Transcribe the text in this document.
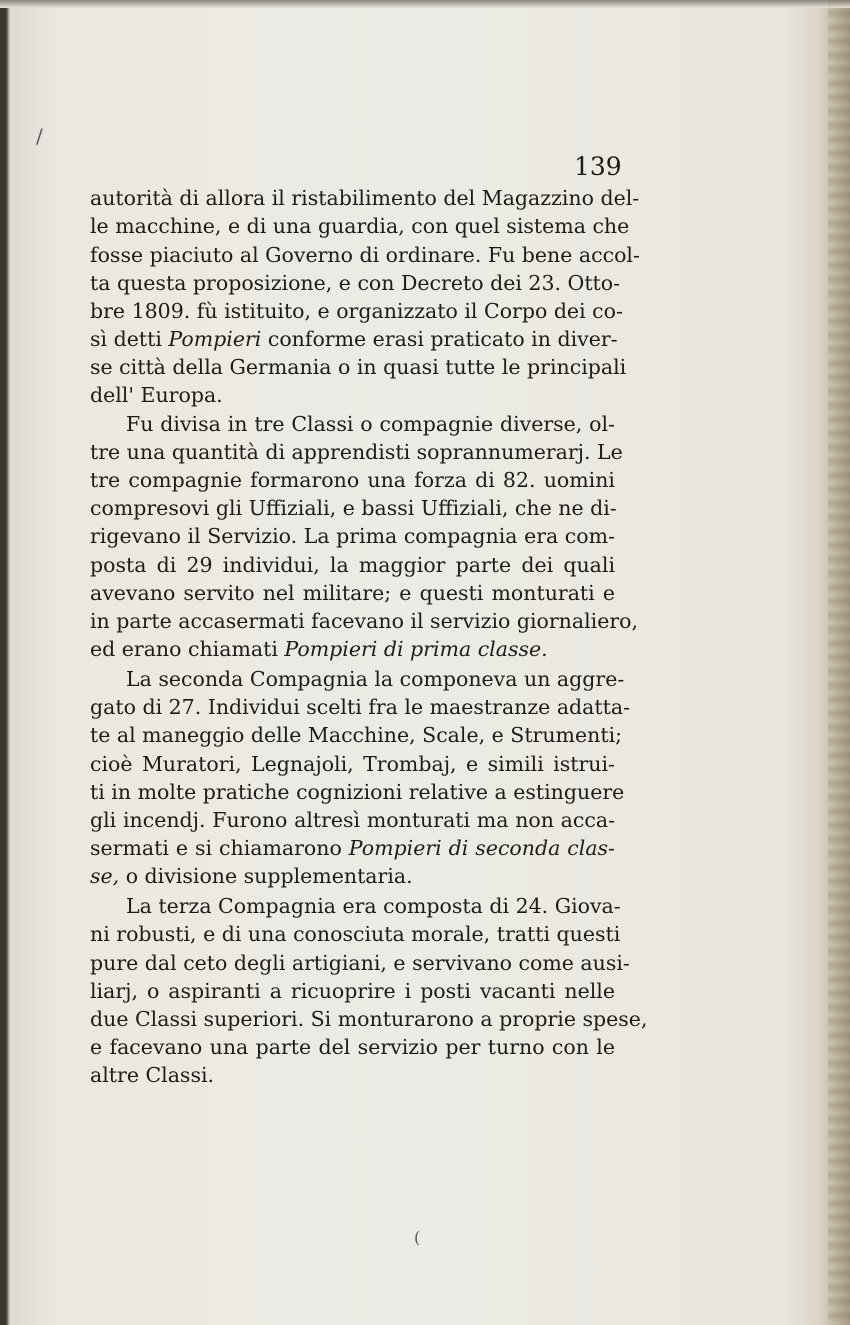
/
(
139
autorità di allora il ristabilimento del Magazzino del-
le macchine, e di una guardia, con quel sistema che
fosse piaciuto al Governo di ordinare. Fu bene accol-
ta questa proposizione, e con Decreto dei 23. Otto-
bre 1809. fù istituito, e organizzato il Corpo dei co-
sì detti Pompieri conforme erasi praticato in diver-
se città della Germania o in quasi tutte le principali
dell' Europa.
Fu divisa in tre Classi o compagnie diverse, ol-
tre una quantità di apprendisti soprannumerarj. Le
tre compagnie formarono una forza di 82. uomini
compresovi gli Uffiziali, e bassi Uffiziali, che ne di-
rigevano il Servizio. La prima compagnia era com-
posta di 29 individui, la maggior parte dei quali
avevano servito nel militare; e questi monturati e
in parte accasermati facevano il servizio giornaliero,
ed erano chiamati Pompieri di prima classe.
La seconda Compagnia la componeva un aggre-
gato di 27. Individui scelti fra le maestranze adatta-
te al maneggio delle Macchine, Scale, e Strumenti;
cioè Muratori, Legnajoli, Trombaj, e simili istrui-
ti in molte pratiche cognizioni relative a estinguere
gli incendj. Furono altresì monturati ma non acca-
sermati e si chiamarono Pompieri di seconda clas-
se, o divisione supplementaria.
La terza Compagnia era composta di 24. Giova-
ni robusti, e di una conosciuta morale, tratti questi
pure dal ceto degli artigiani, e servivano come ausi-
liarj, o aspiranti a ricuoprire i posti vacanti nelle
due Classi superiori. Si monturarono a proprie spese,
e facevano una parte del servizio per turno con le
altre Classi.
